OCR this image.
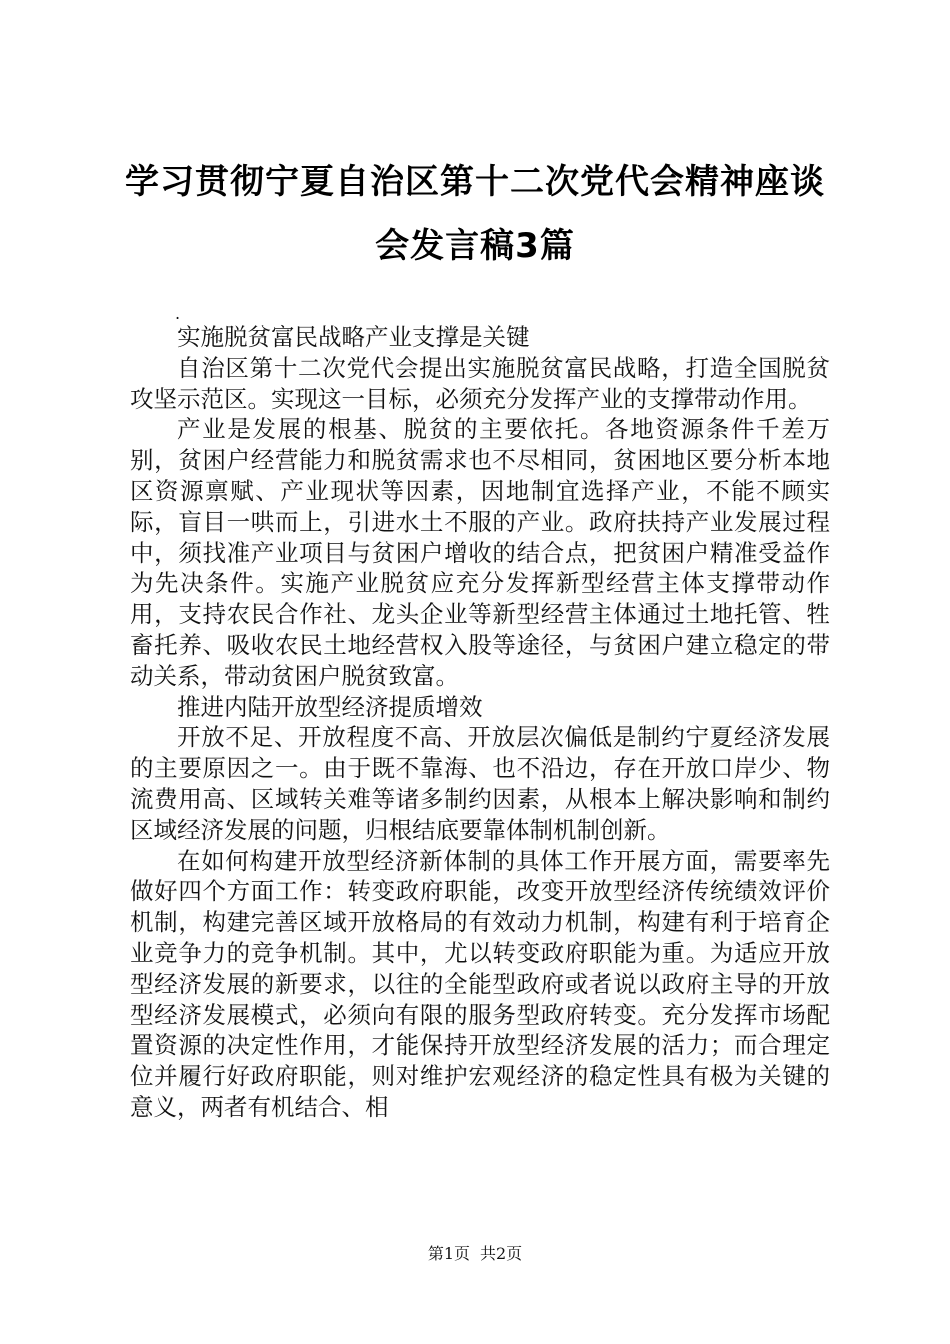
学习贯彻宁夏自治区第十二次党代会精神座谈会发言稿3篇
.

实施脱贫富民战略产业支撑是关键

自治区第十二次党代会提出实施脱贫富民战略，打造全国脱贫攻坚示范区。实现这一目标，必须充分发挥产业的支撑带动作用。

产业是发展的根基、脱贫的主要依托。各地资源条件千差万别，贫困户经营能力和脱贫需求也不尽相同，贫困地区要分析本地区资源禀赋、产业现状等因素，因地制宜选择产业，不能不顾实际，盲目一哄而上，引进水土不服的产业。政府扶持产业发展过程中，须找准产业项目与贫困户增收的结合点，把贫困户精准受益作为先决条件。实施产业脱贫应充分发挥新型经营主体支撑带动作用，支持农民合作社、龙头企业等新型经营主体通过土地托管、牲畜托养、吸收农民土地经营权入股等途径，与贫困户建立稳定的带动关系，带动贫困户脱贫致富。

推进内陆开放型经济提质增效

开放不足、开放程度不高、开放层次偏低是制约宁夏经济发展的主要原因之一。由于既不靠海、也不沿边，存在开放口岸少、物流费用高、区域转关难等诸多制约因素，从根本上解决影响和制约区域经济发展的问题，归根结底要靠体制机制创新。

在如何构建开放型经济新体制的具体工作开展方面，需要率先做好四个方面工作：转变政府职能，改变开放型经济传统绩效评价机制，构建完善区域开放格局的有效动力机制，构建有利于培育企业竞争力的竞争机制。其中，尤以转变政府职能为重。为适应开放型经济发展的新要求，以往的全能型政府或者说以政府主导的开放型经济发展模式，必须向有限的服务型政府转变。充分发挥市场配置资源的决定性作用，才能保持开放型经济发展的活力；而合理定位并履行好政府职能，则对维护宏观经济的稳定性具有极为关键的意义，两者有机结合、相

第1页 共2页
